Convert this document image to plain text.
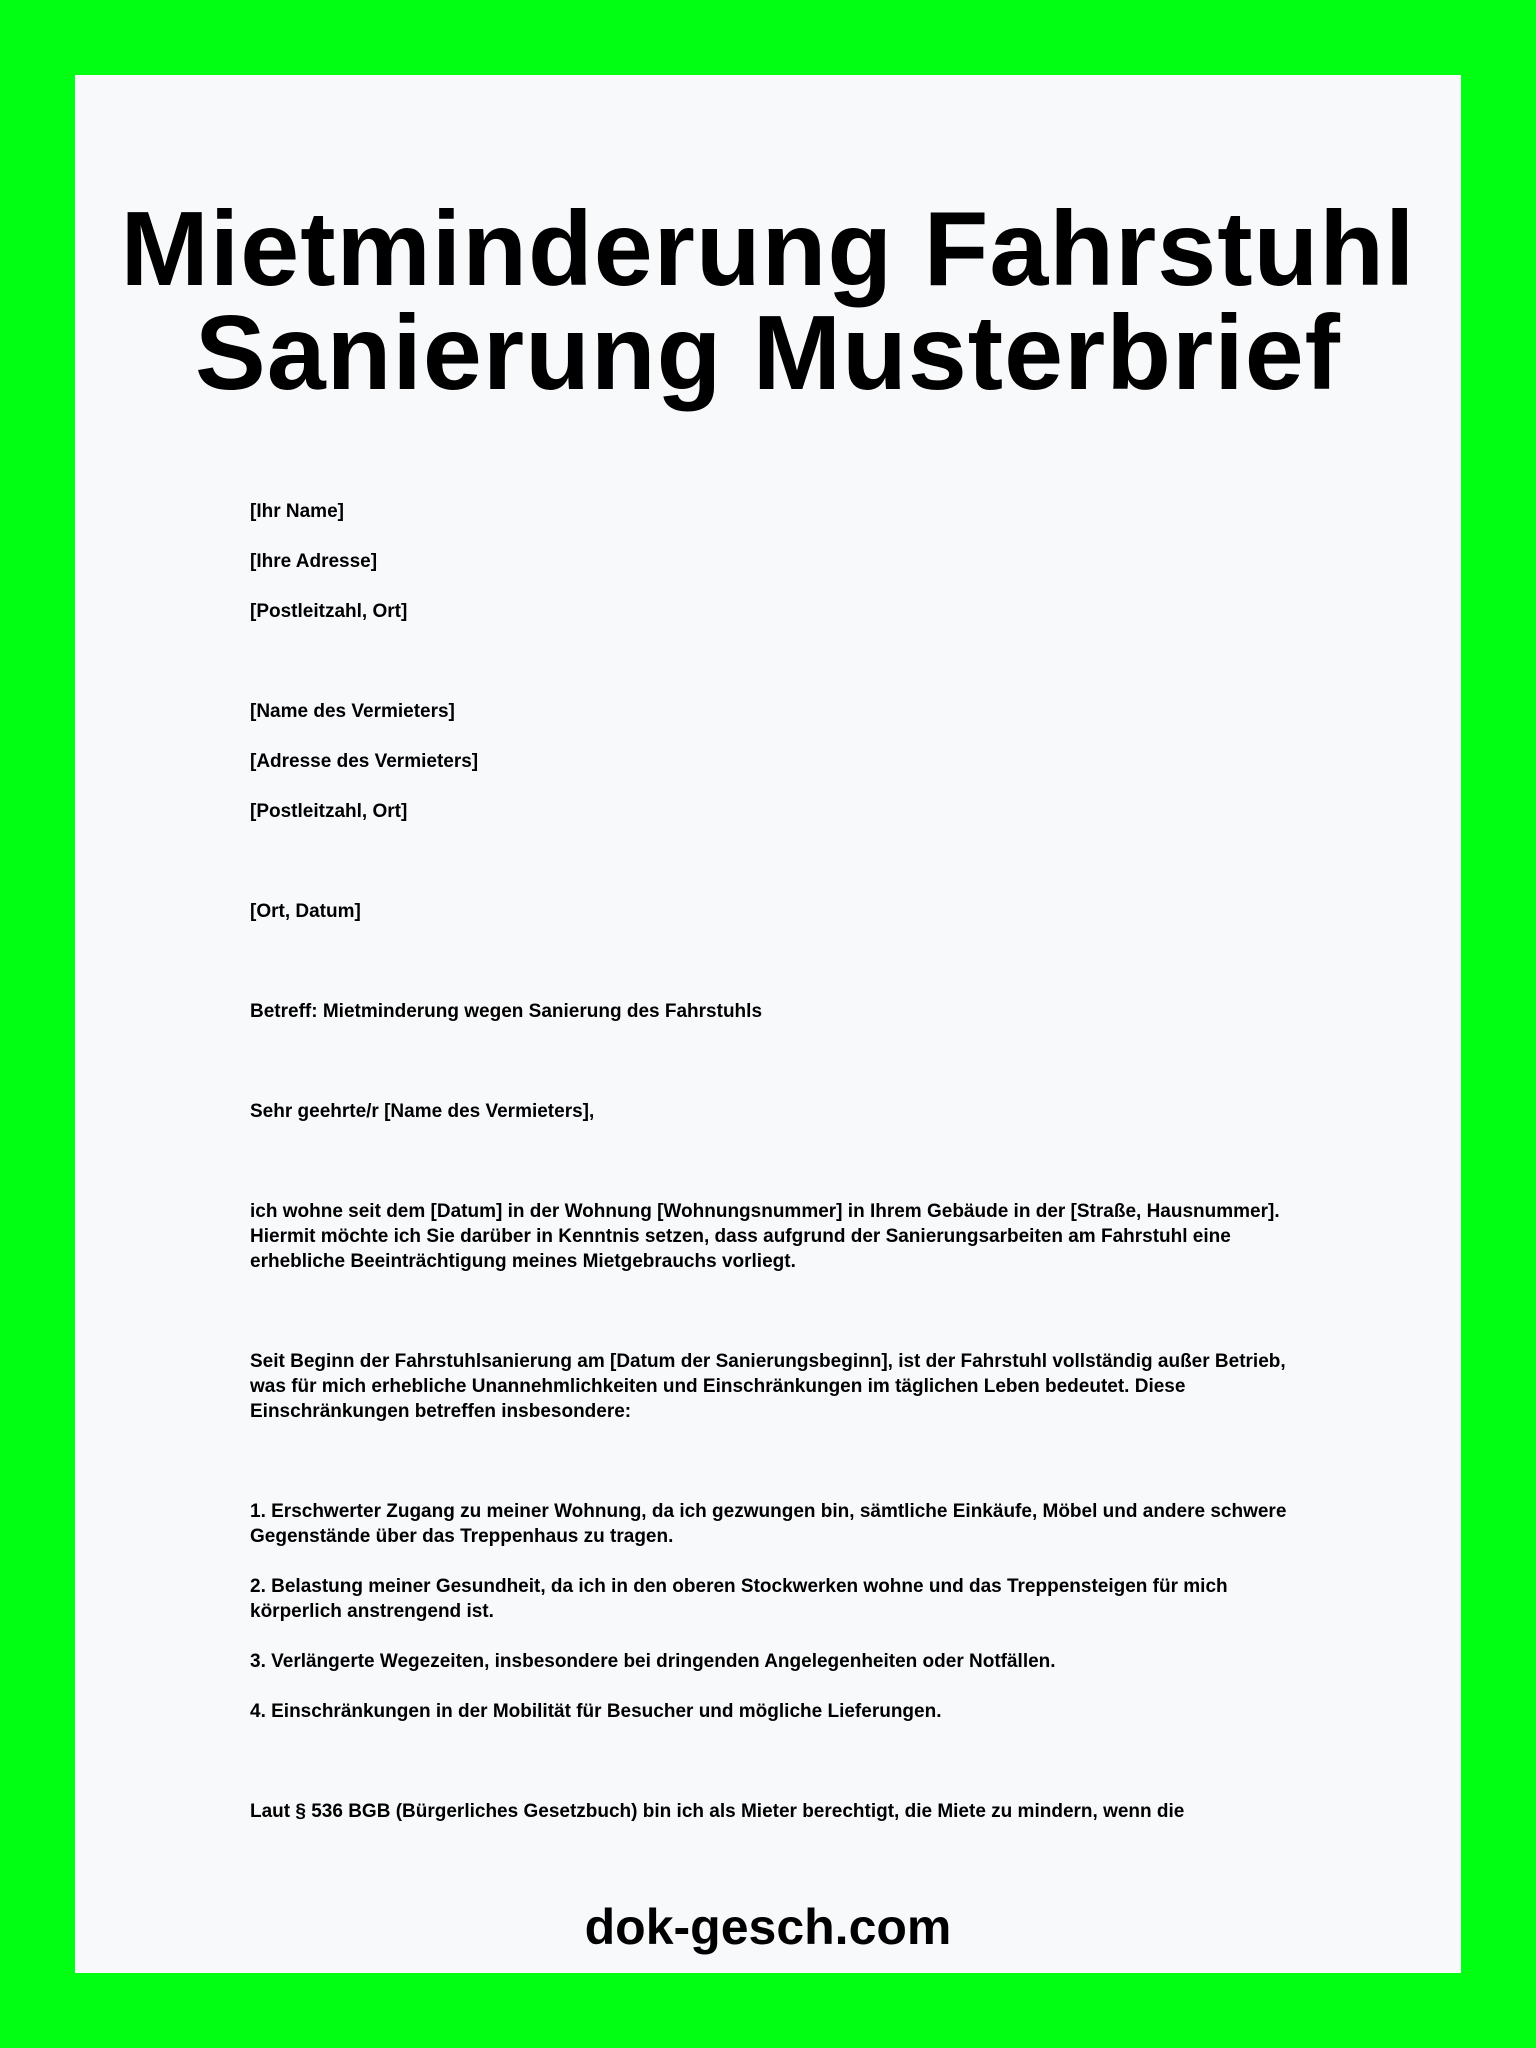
Mietminderung Fahrstuhl
Sanierung Musterbrief

[Ihr Name]

[Ihre Adresse]

[Postleitzahl, Ort]

[Name des Vermieters]

[Adresse des Vermieters]

[Postleitzahl, Ort]

[Ort, Datum]

Betreff: Mietminderung wegen Sanierung des Fahrstuhls

Sehr geehrte/r [Name des Vermieters],

ich wohne seit dem [Datum] in der Wohnung [Wohnungsnummer] in Ihrem Gebäude in der [Straße, Hausnummer]. Hiermit möchte ich Sie darüber in Kenntnis setzen, dass aufgrund der Sanierungsarbeiten am Fahrstuhl eine erhebliche Beeinträchtigung meines Mietgebrauchs vorliegt.

Seit Beginn der Fahrstuhlsanierung am [Datum der Sanierungsbeginn], ist der Fahrstuhl vollständig außer Betrieb, was für mich erhebliche Unannehmlichkeiten und Einschränkungen im täglichen Leben bedeutet. Diese Einschränkungen betreffen insbesondere:

1. Erschwerter Zugang zu meiner Wohnung, da ich gezwungen bin, sämtliche Einkäufe, Möbel und andere schwere Gegenstände über das Treppenhaus zu tragen.

2. Belastung meiner Gesundheit, da ich in den oberen Stockwerken wohne und das Treppensteigen für mich körperlich anstrengend ist.

3. Verlängerte Wegezeiten, insbesondere bei dringenden Angelegenheiten oder Notfällen.

4. Einschränkungen in der Mobilität für Besucher und mögliche Lieferungen.

Laut § 536 BGB (Bürgerliches Gesetzbuch) bin ich als Mieter berechtigt, die Miete zu mindern, wenn die

dok-gesch.com
